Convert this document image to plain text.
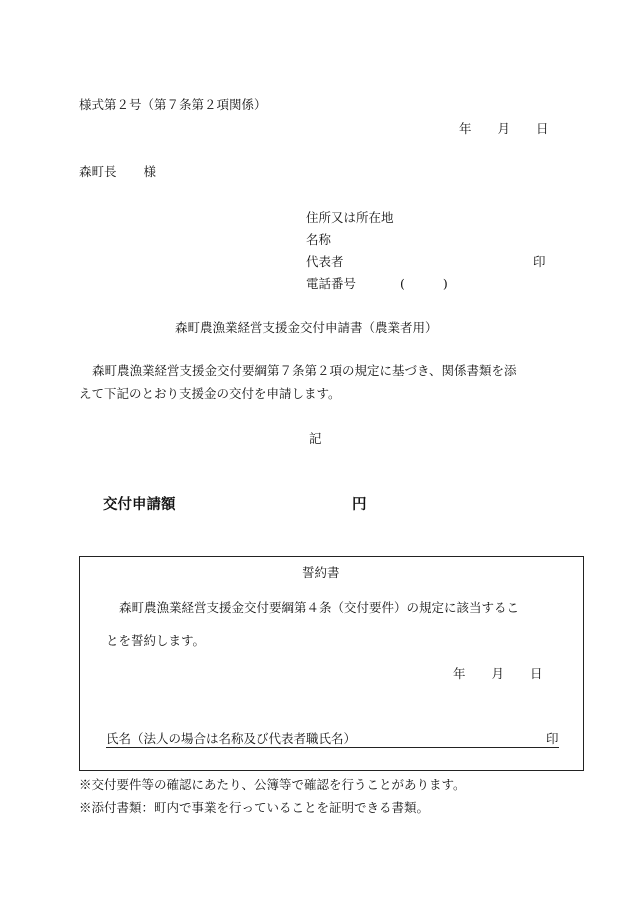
様式第２号（第７条第２項関係）
年 月 日
森町長 様
住所又は所在地
名称
代表者	印
電話番号	(	)
森町農漁業経営支援金交付申請書（農業者用）
森町農漁業経営支援金交付要綱第７条第２項の規定に基づき、関係書類を添
えて下記のとおり支援金の交付を申請します。
記
交付申請額	円
誓約書
森町農漁業経営支援金交付要綱第４条（交付要件）の規定に該当するこ
とを誓約します。
年 月 日
氏名（法人の場合は名称及び代表者職氏名）	印
※交付要件等の確認にあたり、公簿等で確認を行うことがあります。
※添付書類：町内で事業を行っていることを証明できる書類。
